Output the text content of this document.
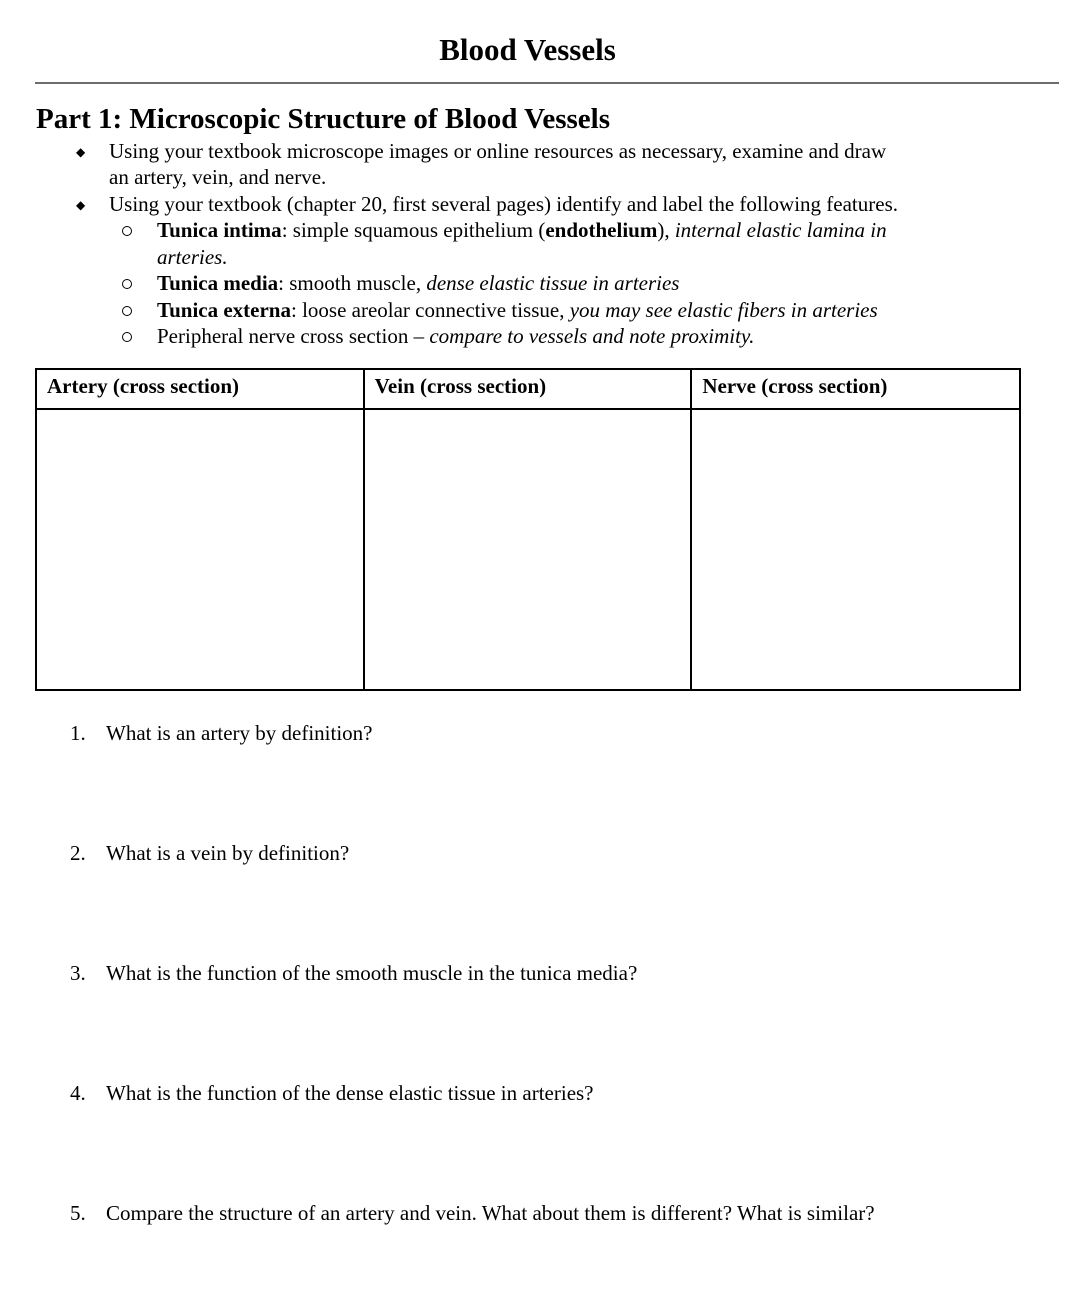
Blood Vessels
Part 1: Microscopic Structure of Blood Vessels
◆ Using your textbook microscope images or online resources as necessary, examine and draw
an artery, vein, and nerve.
◆ Using your textbook (chapter 20, first several pages) identify and label the following features.
Tunica intima: simple squamous epithelium (endothelium), internal elastic lamina in
arteries.
Tunica media: smooth muscle, dense elastic tissue in arteries
Tunica externa: loose areolar connective tissue, you may see elastic fibers in arteries
Peripheral nerve cross section – compare to vessels and note proximity.
Artery (cross section)	Vein (cross section)	Nerve (cross section)

1. What is an artery by definition?
2. What is a vein by definition?
3. What is the function of the smooth muscle in the tunica media?
4. What is the function of the dense elastic tissue in arteries?
5. Compare the structure of an artery and vein. What about them is different? What is similar?
